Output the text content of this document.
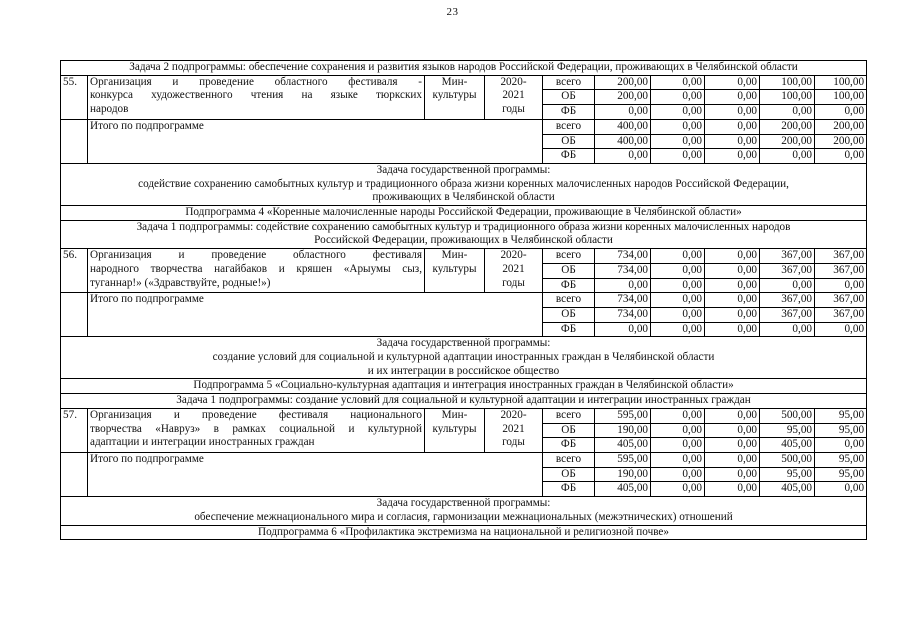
23
Задача 2 подпрограммы: обеспечение сохранения и развития языков народов Российской Федерации, проживающих в Челябинской области									
55.	Организация и проведение областного фестиваля -
конкурса художественного чтения на языке тюркских
народов	Мин-
культуры	2020-
2021
годы	всего	200,00	0,00	0,00	100,00	100,00
				ОБ	200,00	0,00	0,00	100,00	100,00
				ФБ	0,00	0,00	0,00	0,00	0,00
	Итого по подпрограмме			всего	400,00	0,00	0,00	200,00	200,00
				ОБ	400,00	0,00	0,00	200,00	200,00
				ФБ	0,00	0,00	0,00	0,00	0,00

Задача государственной программы:
содействие сохранению самобытных культур и традиционного образа жизни коренных малочисленных народов Российской Федерации,
проживающих в Челябинской области									

Подпрограмма 4 «Коренные малочисленные народы Российской Федерации, проживающие в Челябинской области»									

Задача 1 подпрограммы: содействие сохранению самобытных культур и традиционного образа жизни коренных малочисленных народов
Российской Федерации, проживающих в Челябинской области									

56.	Организация и проведение областного фестиваля
народного творчества нагайбаков и кряшен «Арыумы сыз,
туганнар!» («Здравствуйте, родные!»)	Мин-
культуры	2020-
2021
годы	всего	734,00	0,00	0,00	367,00	367,00
				ОБ	734,00	0,00	0,00	367,00	367,00
				ФБ	0,00	0,00	0,00	0,00	0,00
	Итого по подпрограмме			всего	734,00	0,00	0,00	367,00	367,00
				ОБ	734,00	0,00	0,00	367,00	367,00
				ФБ	0,00	0,00	0,00	0,00	0,00

Задача государственной программы:
создание условий для социальной и культурной адаптации иностранных граждан в Челябинской области
и их интеграции в российское общество									

Подпрограмма 5 «Социально-культурная адаптация и интеграция иностранных граждан в Челябинской области»									
Задача 1 подпрограммы: создание условий для социальной и культурной адаптации и интеграции иностранных граждан									
57.	Организация и проведение фестиваля национального
творчества «Навруз» в рамках социальной и культурной
адаптации и интеграции иностранных граждан	Мин-
культуры	2020-
2021
годы	всего	595,00	0,00	0,00	500,00	95,00
				ОБ	190,00	0,00	0,00	95,00	95,00
				ФБ	405,00	0,00	0,00	405,00	0,00
	Итого по подпрограмме			всего	595,00	0,00	0,00	500,00	95,00
				ОБ	190,00	0,00	0,00	95,00	95,00
				ФБ	405,00	0,00	0,00	405,00	0,00

Задача государственной программы:
обеспечение межнационального мира и согласия, гармонизации межнациональных (межэтнических) отношений									

Подпрограмма 6 «Профилактика экстремизма на национальной и религиозной почве»									
